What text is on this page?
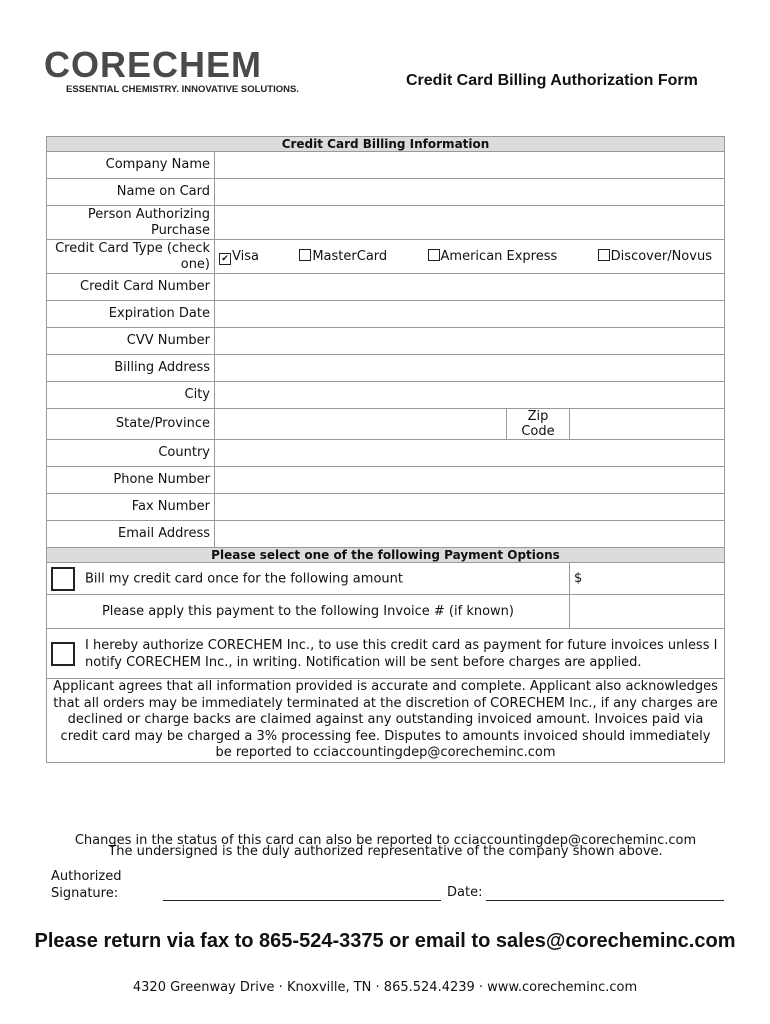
CORECHEM
ESSENTIAL CHEMISTRY. INNOVATIVE SOLUTIONS.
Credit Card Billing Authorization Form
Credit Card Billing Information			
Company Name			
Name on Card			
Person Authorizing Purchase			
Credit Card Type (check one)	✔ Visa MasterCard American Express Discover/Novus		

Credit Card Number			
Expiration Date			
CVV Number			
Billing Address			
City			
State/Province		Zip Code	
Country			
Phone Number			
Fax Number			
Email Address			
Please select one of the following Payment Options			
Bill my credit card once for the following amount			$
Please apply this payment to the following Invoice # (if known)			

I hereby authorize CORECHEM Inc., to use this credit card as payment for future invoices unless I notify CORECHEM Inc., in writing. Notification will be sent before charges are applied.			

Applicant agrees that all information provided is accurate and complete. Applicant also acknowledges that all orders may be immediately terminated at the discretion of CORECHEM Inc., if any charges are declined or charge backs are claimed against any outstanding invoiced amount. Invoices paid via credit card may be charged a 3% processing fee. Disputes to amounts invoiced should immediately be reported to cciaccountingdep@corecheminc.com			
Changes in the status of this card can also be reported to cciaccountingdep@corecheminc.com
The undersigned is the duly authorized representative of the company shown above.
Authorized Signature:	Date:
Please return via fax to 865-524-3375 or email to sales@corecheminc.com
4320 Greenway Drive · Knoxville, TN · 865.524.4239 · www.corecheminc.com
